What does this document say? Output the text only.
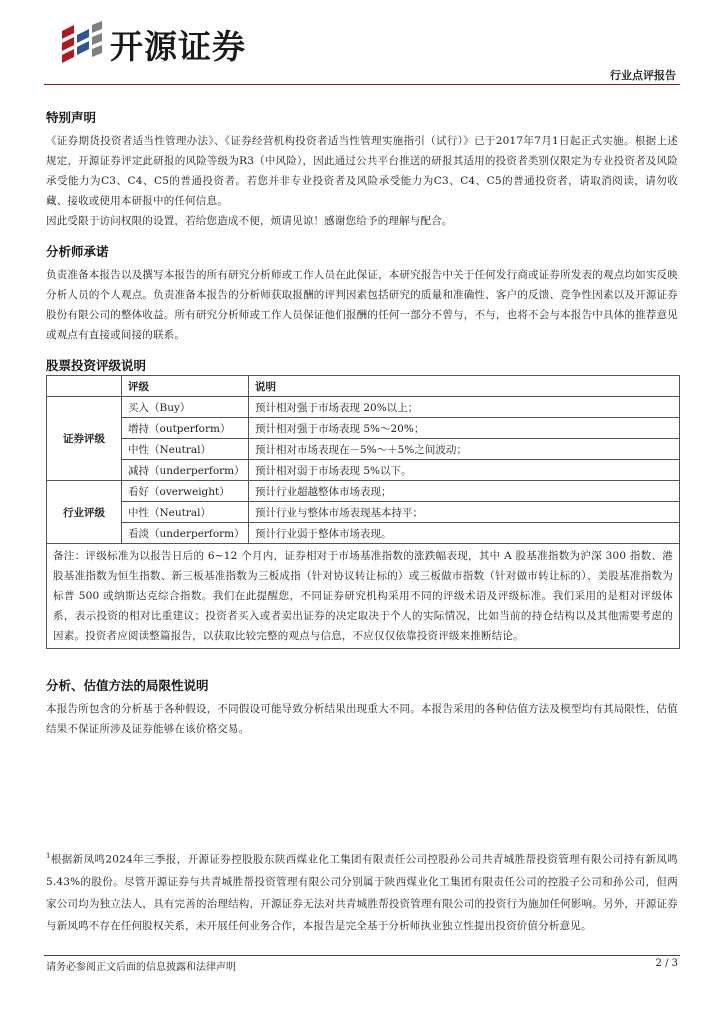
开源证券
行业点评报告
特别声明

《证券期货投资者适当性管理办法》、《证券经营机构投资者适当性管理实施指引（试行）》已于2017年7月1日起正式实施。根据上述规定，开源证券评定此研报的风险等级为R3（中风险），因此通过公共平台推送的研报其适用的投资者类别仅限定为专业投资者及风险承受能力为C3、C4、C5的普通投资者。若您并非专业投资者及风险承受能力为C3、C4、C5的普通投资者，请取消阅读，请勿收藏、接收或使用本研报中的任何信息。

因此受限于访问权限的设置，若给您造成不便，烦请见谅！感谢您给予的理解与配合。

分析师承诺

负责准备本报告以及撰写本报告的所有研究分析师或工作人员在此保证，本研究报告中关于任何发行商或证券所发表的观点均如实反映分析人员的个人观点。负责准备本报告的分析师获取报酬的评判因素包括研究的质量和准确性、客户的反馈、竞争性因素以及开源证券股份有限公司的整体收益。所有研究分析师或工作人员保证他们报酬的任何一部分不曾与，不与，也将不会与本报告中具体的推荐意见或观点有直接或间接的联系。

股票投资评级说明
	评级	说明
证券评级	买入（Buy）	预计相对强于市场表现 20%以上；
	增持（outperform）	预计相对强于市场表现 5%～20%；
	中性（Neutral）	预计相对市场表现在－5%～＋5%之间波动；
	减持（underperform）	预计相对弱于市场表现 5%以下。
行业评级	看好（overweight）	预计行业超越整体市场表现；
	中性（Neutral）	预计行业与整体市场表现基本持平；
	看淡（underperform）	预计行业弱于整体市场表现。
备注：评级标准为以报告日后的 6~12 个月内，证券相对于市场基准指数的涨跌幅表现，其中 A 股基准指数为沪深 300 指数、港股基准指数为恒生指数、新三板基准指数为三板成指（针对协议转让标的）或三板做市指数（针对做市转让标的）、美股基准指数为标普 500 或纳斯达克综合指数。我们在此提醒您，不同证券研究机构采用不同的评级术语及评级标准。我们采用的是相对评级体系，表示投资的相对比重建议；投资者买入或者卖出证券的决定取决于个人的实际情况，比如当前的持仓结构以及其他需要考虑的因素。投资者应阅读整篇报告，以获取比较完整的观点与信息，不应仅仅依靠投资评级来推断结论。		
分析、估值方法的局限性说明

本报告所包含的分析基于各种假设，不同假设可能导致分析结果出现重大不同。本报告采用的各种估值方法及模型均有其局限性，估值结果不保证所涉及证券能够在该价格交易。

$^1$根据新凤鸣2024年三季报，开源证券控股股东陕西煤业化工集团有限责任公司控股孙公司共青城胜帮投资管理有限公司持有新凤鸣5.43%的股份。尽管开源证券与共青城胜帮投资管理有限公司分别属于陕西煤业化工集团有限责任公司的控股子公司和孙公司，但两家公司均为独立法人，具有完善的治理结构，开源证券无法对共青城胜帮投资管理有限公司的投资行为施加任何影响。另外，开源证券与新凤鸣不存在任何股权关系，未开展任何业务合作，本报告是完全基于分析师执业独立性提出投资价值分析意见。
请务必参阅正文后面的信息披露和法律声明	2 / 3
